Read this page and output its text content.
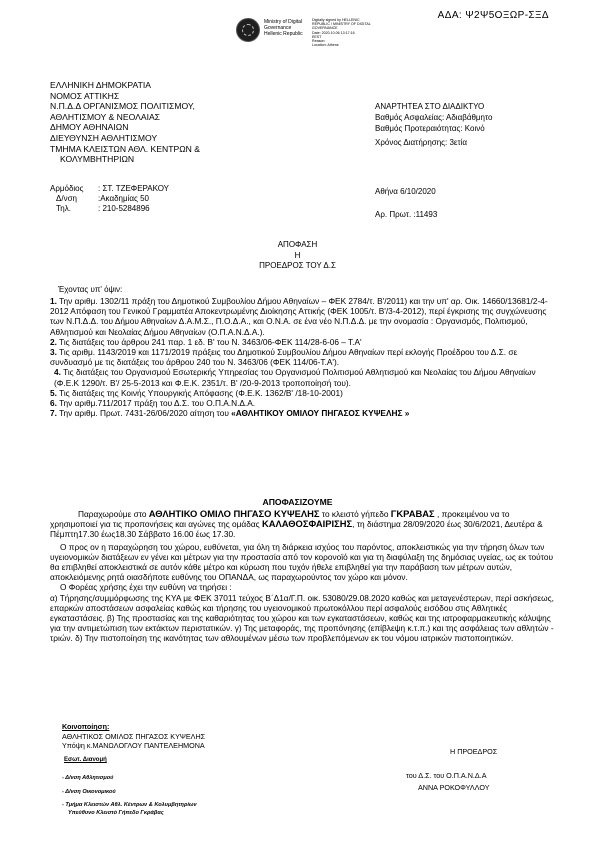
ΑΔΑ: Ψ2Ψ5ΟΞΩΡ-ΣΞΔ
Ministry of Digital
Governance
Hellenic Republic
Digitally signed by HELLENIC
REPUBLIC / MINISTRY OF DIGITAL
GOVERNANCE
Date: 2020.10.06 13:17:16
EEST
Reason:
Location: Athens
ΕΛΛΗΝΙΚΗ ΔΗΜΟΚΡΑΤΙΑ
ΝΟΜΟΣ ΑΤΤΙΚΗΣ
Ν.Π.Δ.Δ ΟΡΓΑΝΙΣΜΟΣ ΠΟΛΙΤΙΣΜΟΥ,
ΑΘΛΗΤΙΣΜΟΥ & ΝΕΟΛΑΙΑΣ
ΔΗΜΟΥ ΑΘΗΝΑΙΩΝ
ΔΙΕΥΘΥΝΣΗ ΑΘΛΗΤΙΣΜΟΥ
ΤΜΗΜΑ ΚΛΕΙΣΤΩΝ ΑΘΛ. ΚΕΝΤΡΩΝ &
ΚΟΛΥΜΒΗΤΗΡΙΩΝ
Αρμόδιος : ΣΤ. ΤΖΕΦΕΡΑΚΟΥ
Δ/νση	:Ακαδημίας 50
Τηλ.	: 210-5284896
ΑΝΑΡΤΗΤΕΑ ΣΤΟ ΔΙΑΔΙΚΤΥΟ
Βαθμός Ασφαλείας: Αδιαβάθμητο
Βαθμός Προτεραιότητας: Κοινό
Χρόνος Διατήρησης: 3ετία
Αθήνα 6/10/2020
Αρ. Πρωτ. :11493
ΑΠΟΦΑΣΗ
Η
ΠΡΟΕΔΡΟΣ ΤΟΥ Δ.Σ
Έχοντας υπ' όψιν:

1. Την αριθμ. 1302/11 πράξη του Δημοτικού Συμβουλίου Δήμου Αθηναίων – ΦΕΚ 2784/τ. Β'/2011) και την υπ' αρ. Οικ. 14660/13681/2-4-2012 Απόφαση του Γενικού Γραμματέα Αποκεντρωμένης Διοίκησης Αττικής (ΦΕΚ 1005/τ. Β'/3-4-2012), περί έγκρισης της συγχώνευσης των Ν.Π.Δ.Δ. του Δήμου Αθηναίων Δ.Α.Μ.Σ., Π.Ο.Δ.Α., και Ο.Ν.Α. σε ένα νέο Ν.Π.Δ.Δ. με την ονομασία : Οργανισμός, Πολιτισμού, Αθλητισμού και Νεολαίας Δήμου Αθηναίων (Ο.Π.Α.Ν.Δ.Α.).

2. Τις διατάξεις του άρθρου 241 παρ. 1 εδ. Β' του Ν. 3463/06-ΦΕΚ 114/28-6-06 – Τ.Α'

3. Τις αριθμ. 1143/2019 και 1171/2019 πράξεις του Δημοτικού Συμβουλίου Δήμου Αθηναίων περί εκλογής Προέδρου του Δ.Σ. σε συνδυασμό με τις διατάξεις του άρθρου 240 του Ν. 3463/06 (ΦΕΚ 114/06-Τ.Α').

4. Τις διατάξεις του Οργανισμού Εσωτερικής Υπηρεσίας του Οργανισμού Πολιτισμού Αθλητισμού και Νεολαίας του Δήμου Αθηναίων (Φ.Ε.Κ 1290/τ. Β'/ 25-5-2013 και Φ.Ε.Κ. 2351/τ. Β' /20-9-2013 τροποποίησή του).

5. Τις διατάξεις της Κοινής Υπουργικής Απόφασης (Φ.Ε.Κ. 1362/Β' /18-10-2001)

6. Την αριθμ.711/2017 πράξη του Δ.Σ. του Ο.Π.Α.Ν.Δ.Α.

7. Την αριθμ. Πρωτ. 7431-26/06/2020 αίτηση του «ΑΘΛΗΤΙΚΟΥ ΟΜΙΛΟΥ ΠΗΓΑΣΟΣ ΚΥΨΕΛΗΣ »

ΑΠΟΦΑΣΙΖΟΥΜΕ

Παραχωρούμε στο ΑΘΛΗΤΙΚΟ ΟΜΙΛΟ ΠΗΓΑΣΟ ΚΥΨΕΛΗΣ το κλειστό γήπεδο ΓΚΡΑΒΑΣ , προκειμένου να το χρησιμοποιεί για τις προπονήσεις και αγώνες της ομάδας ΚΑΛΑΘΟΣΦΑΙΡΙΣΗΣ, τη διάστημα 28/09/2020 έως 30/6/2021, Δευτέρα & Πέμπτη17.30 έως18.30 Σάββατο 16.00 έως 17.30.

Ο προς ον η παραχώρηση του χώρου, ευθύνεται, για όλη τη διάρκεια ισχύος του παρόντος, αποκλειστικώς για την τήρηση όλων των υγειονομικών διατάξεων εν γένει και μέτρων για την προστασία από τον κορονοϊό και για τη διαφύλαξη της δημόσιας υγείας, ως εκ τούτου θα επιβληθεί αποκλειστικά σε αυτόν κάθε μέτρο και κύρωση που τυχόν ήθελε επιβληθεί για την παράβαση των μέτρων αυτών, αποκλειόμενης ρητά οιασδήποτε ευθύνης του ΟΠΑΝΔΑ, ως παραχωρούντος τον χώρο και μόνον.

Ο Φορέας χρήσης έχει την ευθύνη να τηρήσει :

α) Τήρησης/συμμόρφωσης της ΚΥΑ με ΦΕΚ 37011 τεύχος Β΄Δ1α/Γ.Π. οικ. 53080/29.08.2020 καθώς και μεταγενέστερων, περί ασκήσεως, επαρκών αποστάσεων ασφαλείας καθώς και τήρησης του υγειονομικού πρωτοκόλλου περί ασφαλούς εισόδου στις Αθλητικές εγκαταστάσεις. β) Της προστασίας και της καθαριότητας του χώρου και των εγκαταστάσεων, καθώς και της ιατροφαρμακευτικής κάλυψης για την αντιμετώπιση των εκτάκτων περιστατικών. γ) Της μεταφοράς, της προπόνησης (επίβλεψη κ.τ.π.) και της ασφάλειας των αθλητών - τριών. δ) Την πιστοποίηση της ικανότητας των αθλουμένων μέσω των προβλεπόμενων εκ του νόμου ιατρικών πιστοποιητικών.

Κοινοποίηση:
ΑΘΛΗΤΙΚΟΣ ΟΜΙΛΟΣ ΠΗΓΑΣΟΣ ΚΥΨΕΛΗΣ
Υπόψη κ.ΜΑΝΩΛΟΓΛΟΥ ΠΑΝΤΕΛΕΗΜΟΝΑ
Εσωτ. Διανομή
- Δ/νση Αθλητισμού
- Δ/νση Οικονομικού
- Τμήμα Κλειστών Αθλ. Κέντρων & Κολυμβητηρίων
Υπεύθυνο Κλειστό Γήπεδο Γκράβας
Η ΠΡΟΕΔΡΟΣ
του Δ.Σ. του Ο.Π.Α.Ν.Δ.Α
ΑΝΝΑ ΡΟΚΟΦΥΛΛΟΥ
